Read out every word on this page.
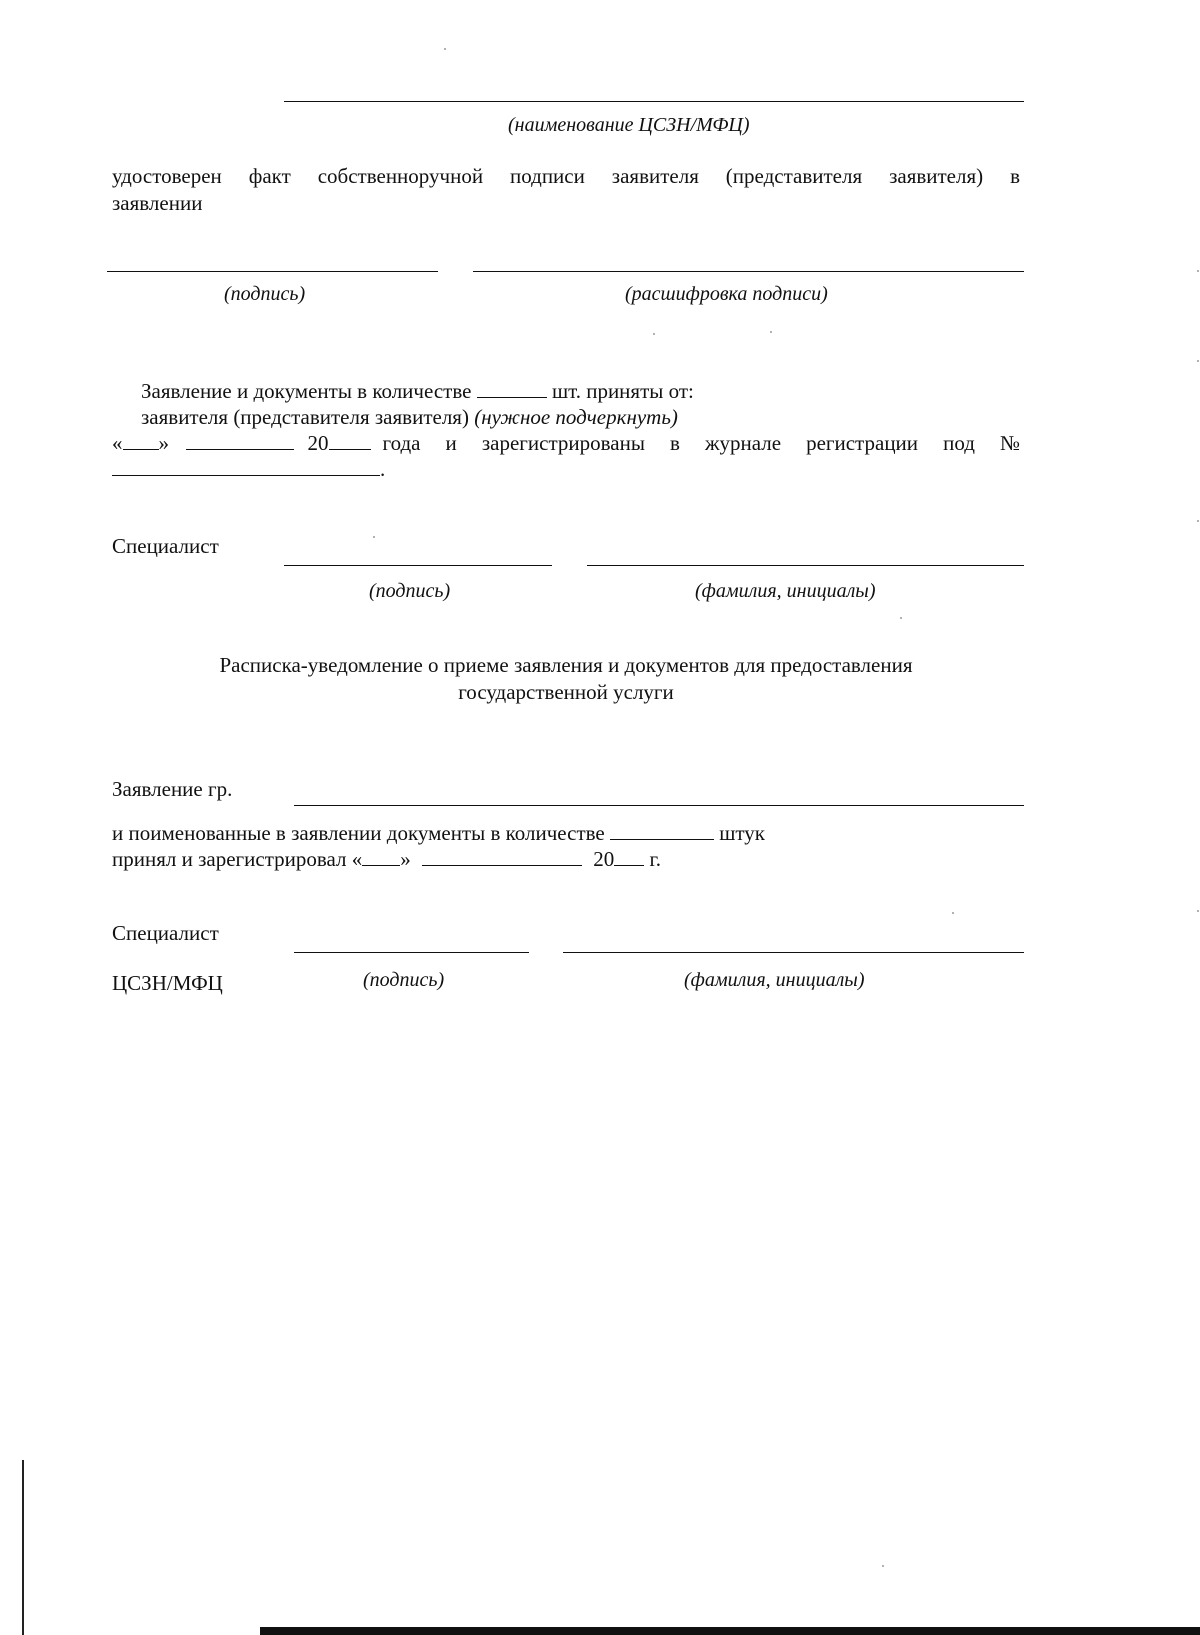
(наименование ЦСЗН/МФЦ)
удостоверен факт собственноручной подписи заявителя (представителя заявителя) в
заявлении
(подпись)	(расшифровка подписи)
Заявление и документы в количестве	шт. приняты от:
заявителя (представителя заявителя) (нужное подчеркнуть)
« »	20	года и зарегистрированы в журнале регистрации под №
.
Специалист
(подпись)	(фамилия, инициалы)
Расписка-уведомление о приеме заявления и документов для предоставления
государственной услуги
Заявление гр.
и поименованные в заявлении документы в количестве	штук
принял и зарегистрировал « »	20 г.
Специалист
ЦСЗН/МФЦ	(подпись)	(фамилия, инициалы)
